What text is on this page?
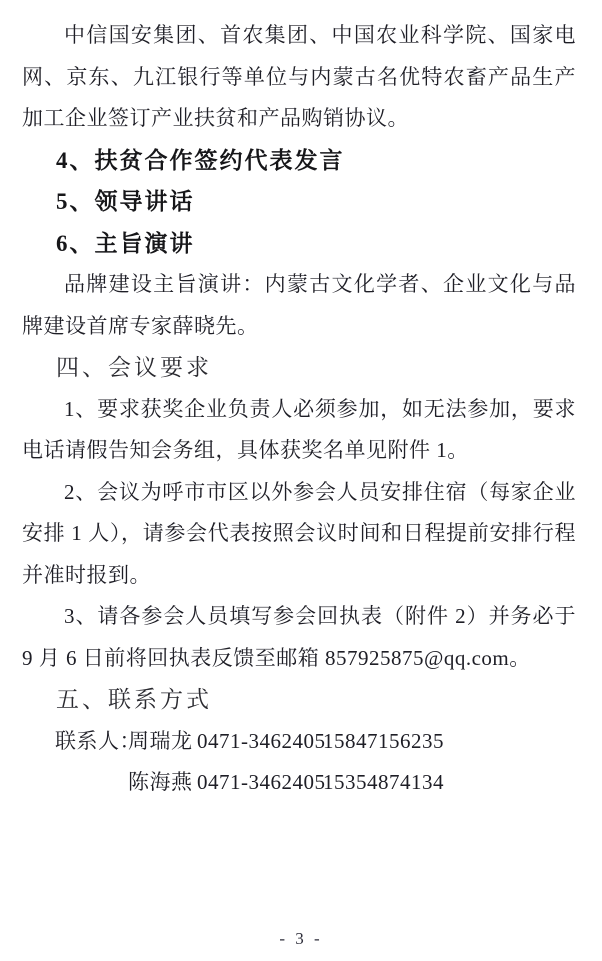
中信国安集团、首农集团、中国农业科学院、国家电网、京东、九江银行等单位与内蒙古名优特农畜产品生产加工企业签订产业扶贫和产品购销协议。

4、扶贫合作签约代表发言

5、领导讲话

6、主旨演讲

品牌建设主旨演讲：内蒙古文化学者、企业文化与品牌建设首席专家薛晓先。

四、会议要求

1、要求获奖企业负责人必须参加，如无法参加，要求电话请假告知会务组，具体获奖名单见附件 1。

2、会议为呼市市区以外参会人员安排住宿（每家企业安排 1 人），请参会代表按照会议时间和日程提前安排行程并准时报到。

3、请各参会人员填写参会回执表（附件 2）并务必于 9 月 6 日前将回执表反馈至邮箱 857925875@qq.com。

五、联系方式

联系人：
周瑞龙 0471-3462405
15847156235
陈海燕 0471-3462405
15354874134
- 3 -
